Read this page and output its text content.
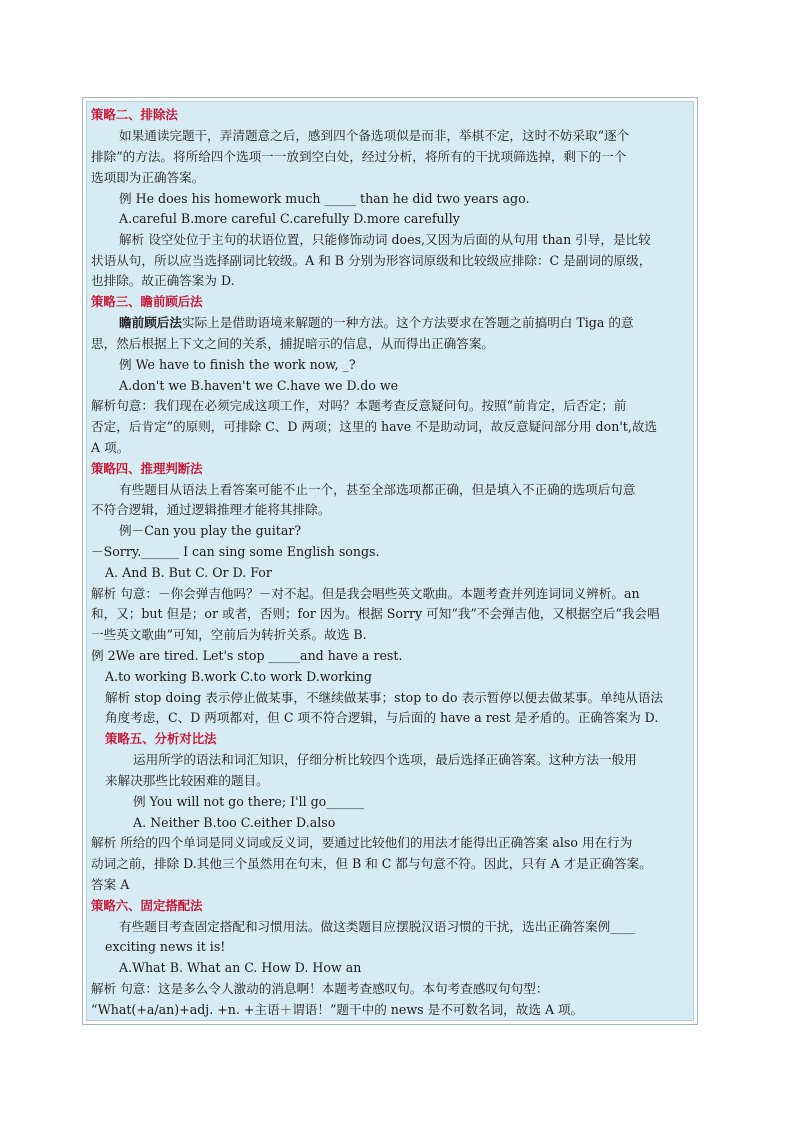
策略二、排除法
如果通读完题干，弄清题意之后，感到四个备选项似是而非，举棋不定，这时不妨采取“逐个
排除”的方法。将所给四个选项一一放到空白处，经过分析，将所有的干扰项筛选掉，剩下的一个
选项即为正确答案。
例 He does his homework much _____ than he did two years ago.
A.careful B.more careful C.carefully D.more carefully
解析 设空处位于主句的状语位置，只能修饰动词 does,又因为后面的从句用 than 引导，是比较
状语从句，所以应当选择副词比较级。A 和 B 分别为形容词原级和比较级应排除：C 是副词的原级，
也排除。故正确答案为 D.
策略三、瞻前顾后法
瞻前顾后法实际上是借助语境来解题的一种方法。这个方法要求在答题之前搞明白 Tiga 的意
思，然后根据上下文之间的关系，捕捉暗示的信息，从而得出正确答案。
例 We have to finish the work now, _?
A.don't we B.haven't we C.have we D.do we
解析句意：我们现在必须完成这项工作，对吗？本题考查反意疑问句。按照“前肯定，后否定；前
否定，后肯定”的原则，可排除 C、D 两项；这里的 have 不是助动词，故反意疑问部分用 don't,故选
A 项。
策略四、推理判断法
有些题目从语法上看答案可能不止一个，甚至全部选项都正确，但是填入不正确的选项后句意
不符合逻辑，通过逻辑推理才能将其排除。
例－Can you play the guitar?
－Sorry.______ I can sing some English songs.
A. And B. But C. Or D. For
解析 句意：－你会弹吉他吗？－对不起。但是我会唱些英文歌曲。本题考查并列连词词义辨析。an
和，又；but 但是；or 或者，否则；for 因为。根据 Sorry 可知“我”不会弹吉他，又根据空后“我会唱
一些英文歌曲”可知，空前后为转折关系。故选 B.
例 2We are tired. Let's stop _____and have a rest.
A.to working B.work C.to work D.working
解析 stop doing 表示停止做某事，不继续做某事；stop to do 表示暂停以便去做某事。单纯从语法
角度考虑，C、D 两项都对，但 C 项不符合逻辑，与后面的 have a rest 是矛盾的。正确答案为 D.
策略五、分析对比法
运用所学的语法和词汇知识，仔细分析比较四个选项，最后选择正确答案。这种方法一般用
来解决那些比较困难的题目。
例 You will not go there; I'll go______
A. Neither B.too C.either D.also
解析 所给的四个单词是同义词或反义词，要通过比较他们的用法才能得出正确答案 also 用在行为
动词之前，排除 D.其他三个虽然用在句末，但 B 和 C 都与句意不符。因此，只有 A 才是正确答案。
答案 A
策略六、固定搭配法
有些题目考查固定搭配和习惯用法。做这类题目应摆脱汉语习惯的干扰，选出正确答案例____
exciting news it is!
A.What B. What an C. How D. How an
解析 句意：这是多么令人激动的消息啊！本题考查感叹句。本句考查感叹句句型：
“What(+a/an)+adj. +n. +主语＋谓语！”题干中的 news 是不可数名词，故选 A 项。
